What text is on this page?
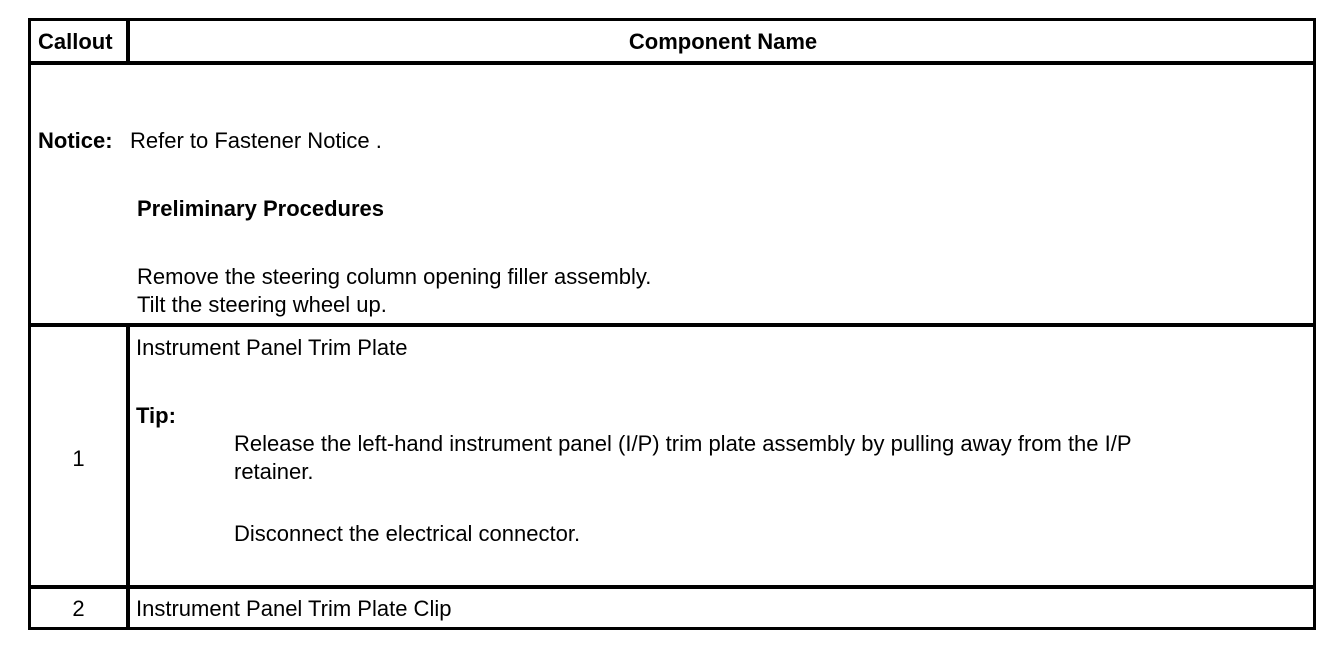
Callout	Component Name
Notice: Refer to Fastener Notice .
Preliminary Procedures
Remove the steering column opening filler assembly.
Tilt the steering wheel up.
1
Instrument Panel Trim Plate
Tip:
Release the left-hand instrument panel (I/P) trim plate assembly by pulling away from the I/P
retainer.
Disconnect the electrical connector.
2	Instrument Panel Trim Plate Clip
